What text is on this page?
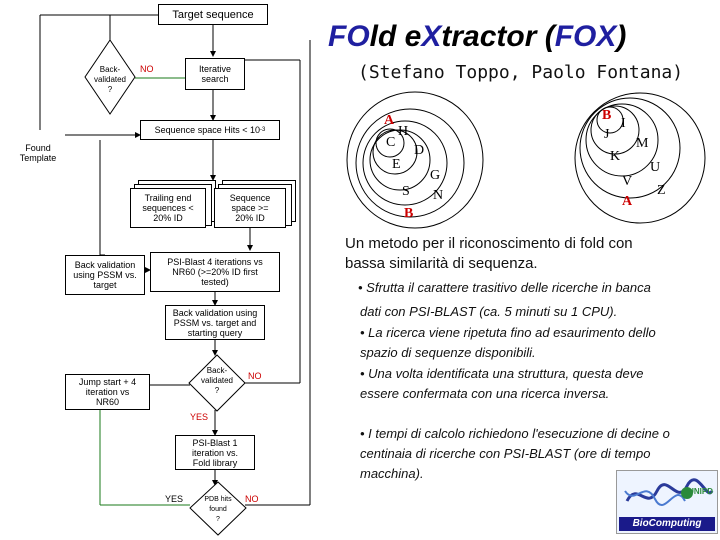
Target sequence
Back-
validated
?
NO	Iterative
search
Sequence space Hits < 10 -3
Found
Template
Trailing end
sequences <
20% ID
Sequence
space >=
20% ID
Back validation
using PSSM vs.
target
PSI-Blast 4 iterations vs
NR60 (>=20% ID first
tested)
Back validation using
PSSM vs. target and
starting query
Back-
validated
?
NO
Jump start + 4
iteration vs
NR60
YES
PSI-Blast 1
iteration vs.
Fold library
YES	PDB hits
found
?
NO
FOld eXtractor (FOX)
(Stefano Toppo, Paolo Fontana)
A
H
C
D
E
G
S N
B
B
I
J
M
K
U
V
Z
A
Un metodo per il riconoscimento di fold con
bassa similarità di sequenza.
• Sfrutta il carattere trasitivo delle ricerche in banca
dati con PSI-BLAST (ca. 5 minuti su 1 CPU).
• La ricerca viene ripetuta fino ad esaurimento dello
spazio di sequenze disponibili.
• Una volta identificata una struttura, questa deve
essere confermata con una ricerca inversa.
• I tempi di calcolo richiedono l'esecuzione di decine o
centinaia di ricerche con PSI-BLAST (ore di tempo
macchina).
UNIPD
BioComputing
